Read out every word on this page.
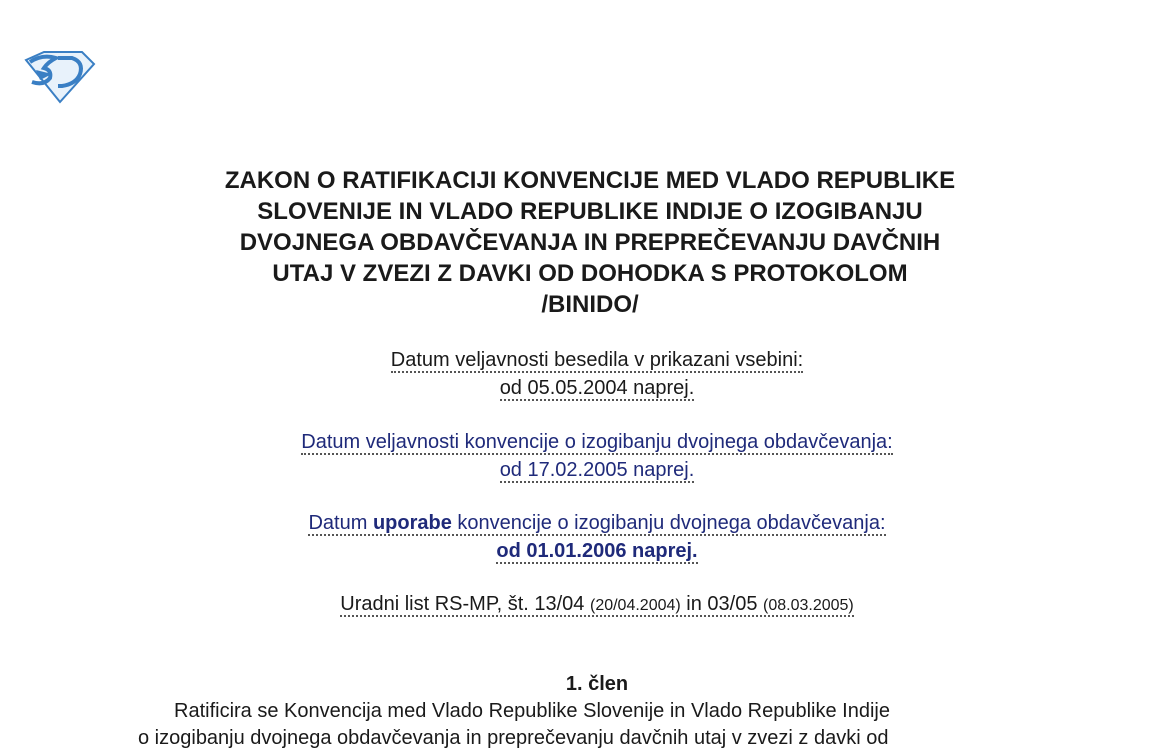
ZAKON O RATIFIKACIJI KONVENCIJE MED VLADO REPUBLIKE
SLOVENIJE IN VLADO REPUBLIKE INDIJE O IZOGIBANJU
DVOJNEGA OBDAVČEVANJA IN PREPREČEVANJU DAVČNIH
UTAJ V ZVEZI Z DAVKI OD DOHODKA S PROTOKOLOM
/BINIDO/
Datum veljavnosti besedila v prikazani vsebini:
od 05.05.2004 naprej.
Datum veljavnosti konvencije o izogibanju dvojnega obdavčevanja:
od 17.02.2005 naprej.
Datum uporabe konvencije o izogibanju dvojnega obdavčevanja:
od 01.01.2006 naprej.
Uradni list RS-MP, št. 13/04 (20/04.2004) in 03/05 (08.03.2005)
1. člen
Ratificira se Konvencija med Vlado Republike Slovenije in Vlado Republike Indije
o izogibanju dvojnega obdavčevanja in preprečevanju davčnih utaj v zvezi z davki od
